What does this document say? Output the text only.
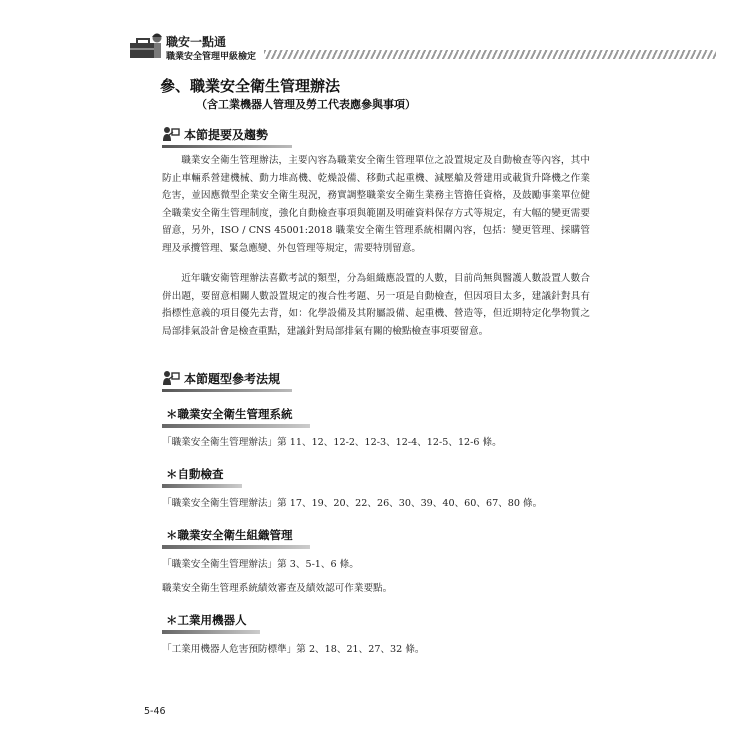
職安一點通
職業安全管理甲級檢定
參、職業安全衛生管理辦法
（含工業機器人管理及勞工代表應參與事項）
本節提要及趨勢

職業安全衛生管理辦法，主要內容為職業安全衛生管理單位之設置規定及自動檢查等內容，其中防止車輛系營建機械、動力堆高機、乾燥設備、移動式起重機、減壓艙及營建用或載貨升降機之作業危害，並因應微型企業安全衛生現況，務實調整職業安全衛生業務主管擔任資格，及鼓勵事業單位健全職業安全衛生管理制度，強化自動檢查事項與範圍及明確資料保存方式等規定，有大幅的變更需要留意，另外，ISO / CNS 45001:2018 職業安全衛生管理系統相關內容，包括：變更管理、採購管理及承攬管理、緊急應變、外包管理等規定，需要特別留意。

近年職安衛管理辦法喜歡考試的類型，分為組織應設置的人數，目前尚無與醫護人數設置人數合併出題，要留意相關人數設置規定的複合性考題、另一項是自動檢查，但因項目太多，建議針對具有指標性意義的項目優先去背，如：化學設備及其附屬設備、起重機、營造等，但近期特定化學物質之局部排氣設計會是檢查重點，建議針對局部排氣有關的檢點檢查事項要留意。

本節題型參考法規
＊職業安全衛生管理系統
「職業安全衛生管理辦法」第 11、12、12-2、12-3、12-4、12-5、12-6 條。
＊自動檢查
「職業安全衛生管理辦法」第 17、19、20、22、26、30、39、40、60、67、80 條。
＊職業安全衛生組織管理
「職業安全衛生管理辦法」第 3、5-1、6 條。
職業安全衛生管理系統績效審查及績效認可作業要點。
＊工業用機器人
「工業用機器人危害預防標準」第 2、18、21、27、32 條。
5-46
